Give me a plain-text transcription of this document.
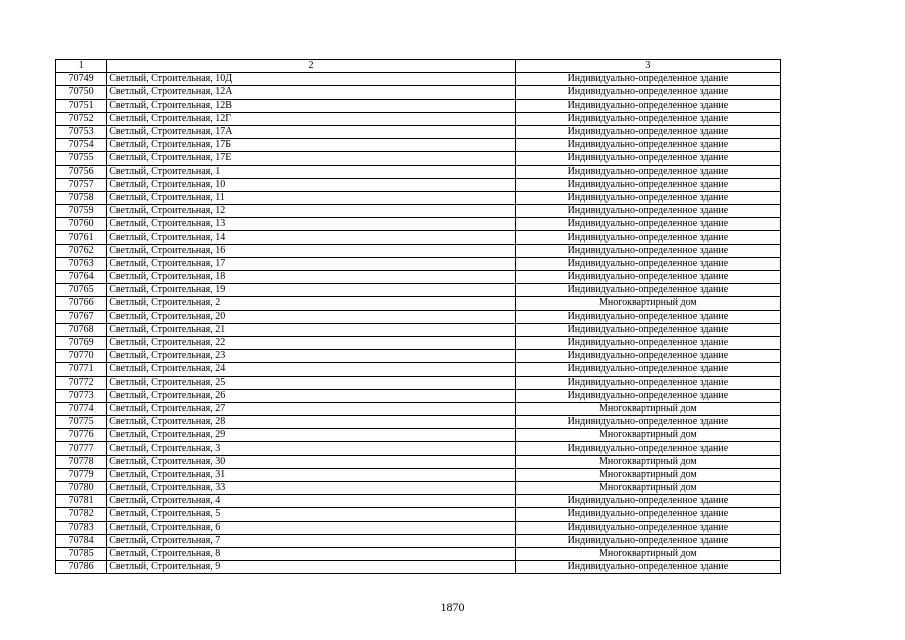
1	2	3
70749	Светлый, Строительная, 10Д	Индивидуально-определенное здание
70750	Светлый, Строительная, 12А	Индивидуально-определенное здание
70751	Светлый, Строительная, 12В	Индивидуально-определенное здание
70752	Светлый, Строительная, 12Г	Индивидуально-определенное здание
70753	Светлый, Строительная, 17А	Индивидуально-определенное здание
70754	Светлый, Строительная, 17Б	Индивидуально-определенное здание
70755	Светлый, Строительная, 17Е	Индивидуально-определенное здание
70756	Светлый, Строительная, 1	Индивидуально-определенное здание
70757	Светлый, Строительная, 10	Индивидуально-определенное здание
70758	Светлый, Строительная, 11	Индивидуально-определенное здание
70759	Светлый, Строительная, 12	Индивидуально-определенное здание
70760	Светлый, Строительная, 13	Индивидуально-определенное здание
70761	Светлый, Строительная, 14	Индивидуально-определенное здание
70762	Светлый, Строительная, 16	Индивидуально-определенное здание
70763	Светлый, Строительная, 17	Индивидуально-определенное здание
70764	Светлый, Строительная, 18	Индивидуально-определенное здание
70765	Светлый, Строительная, 19	Индивидуально-определенное здание
70766	Светлый, Строительная, 2	Многоквартирный дом
70767	Светлый, Строительная, 20	Индивидуально-определенное здание
70768	Светлый, Строительная, 21	Индивидуально-определенное здание
70769	Светлый, Строительная, 22	Индивидуально-определенное здание
70770	Светлый, Строительная, 23	Индивидуально-определенное здание
70771	Светлый, Строительная, 24	Индивидуально-определенное здание
70772	Светлый, Строительная, 25	Индивидуально-определенное здание
70773	Светлый, Строительная, 26	Индивидуально-определенное здание
70774	Светлый, Строительная, 27	Многоквартирный дом
70775	Светлый, Строительная, 28	Индивидуально-определенное здание
70776	Светлый, Строительная, 29	Многоквартирный дом
70777	Светлый, Строительная, 3	Индивидуально-определенное здание
70778	Светлый, Строительная, 30	Многоквартирный дом
70779	Светлый, Строительная, 31	Многоквартирный дом
70780	Светлый, Строительная, 33	Многоквартирный дом
70781	Светлый, Строительная, 4	Индивидуально-определенное здание
70782	Светлый, Строительная, 5	Индивидуально-определенное здание
70783	Светлый, Строительная, 6	Индивидуально-определенное здание
70784	Светлый, Строительная, 7	Индивидуально-определенное здание
70785	Светлый, Строительная, 8	Многоквартирный дом
70786	Светлый, Строительная, 9	Индивидуально-определенное здание
1870
